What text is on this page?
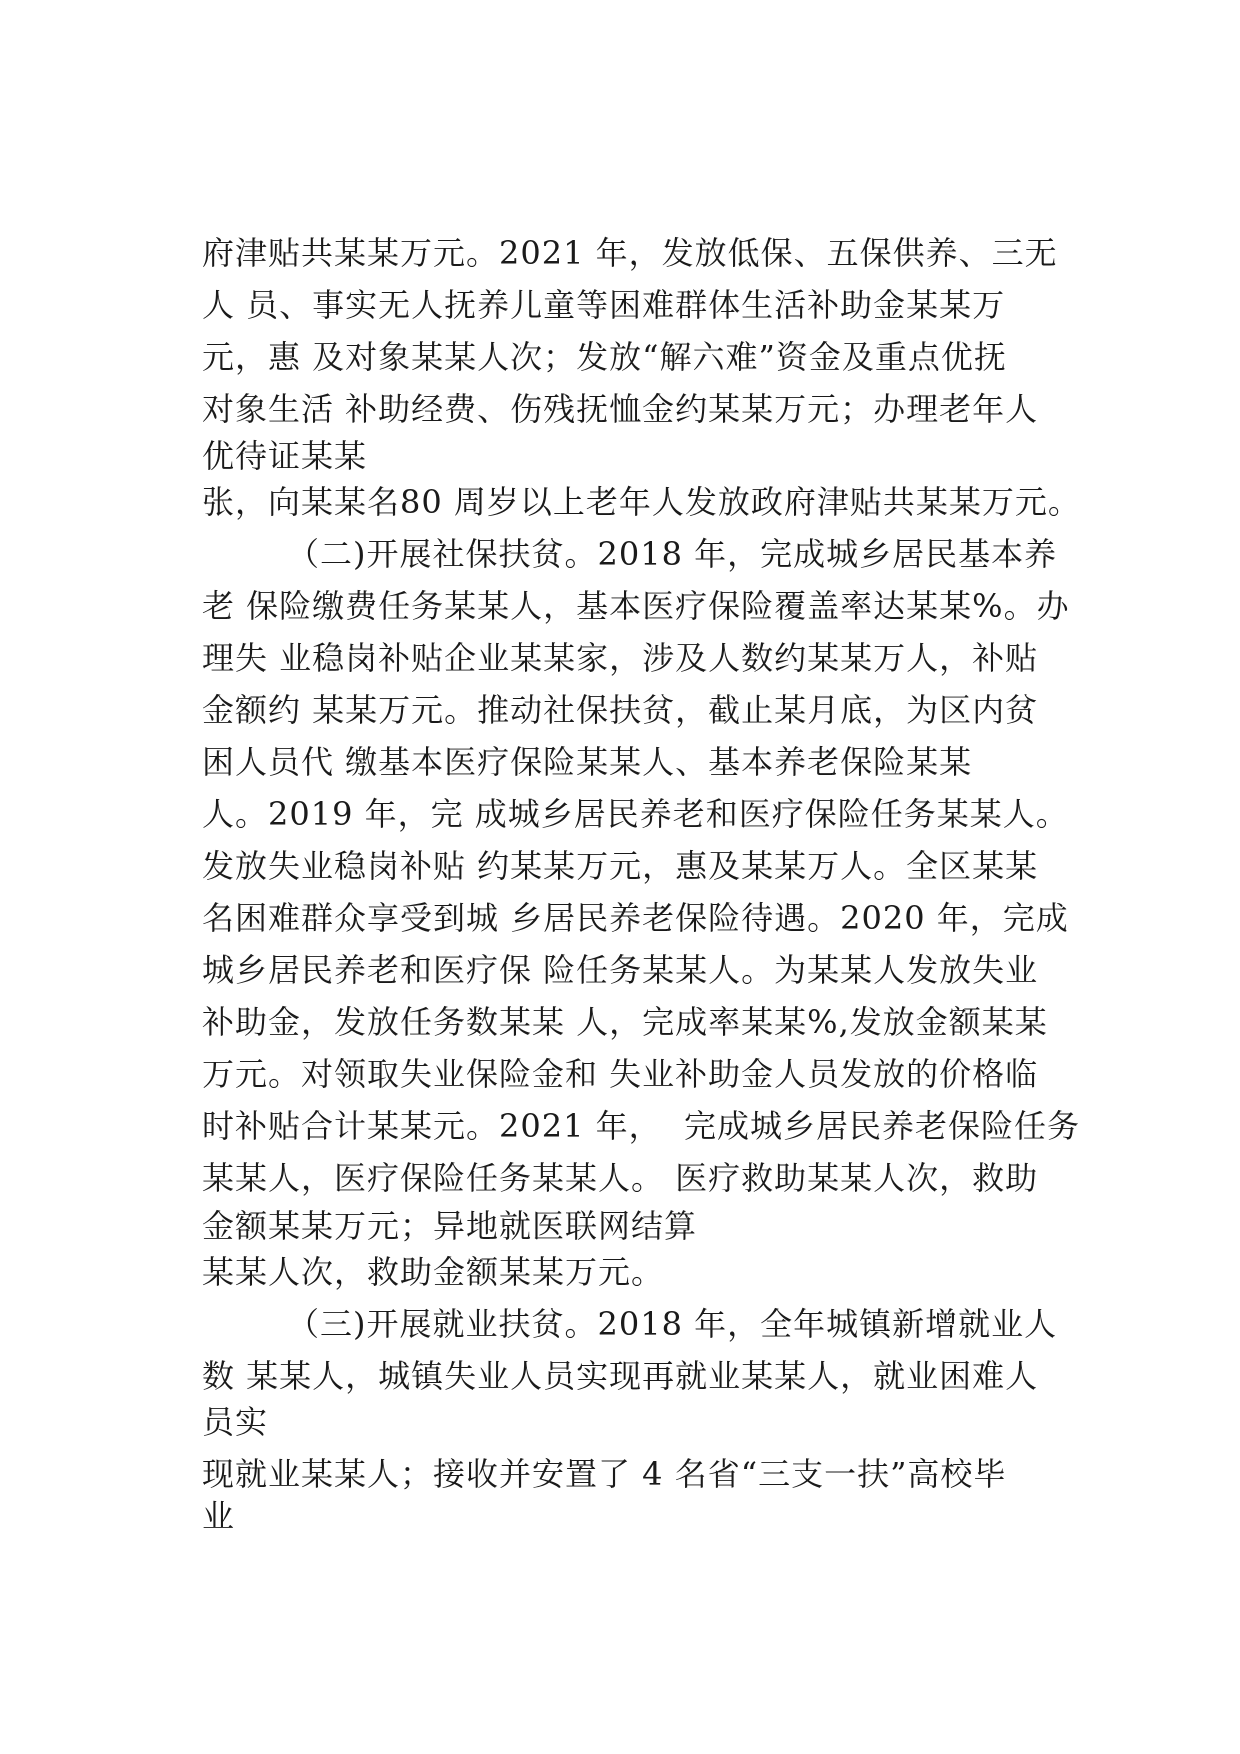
府津贴共某某万元。2021 年，发放低保、五保供养、三无

人 员、事实无人抚养儿童等困难群体生活补助金某某万

元，惠 及对象某某人次；发放“解六难”资金及重点优抚

对象生活 补助经费、伤残抚恤金约某某万元；办理老年人

优待证某某

张，向某某名80 周岁以上老年人发放政府津贴共某某万元。

（二)开展社保扶贫。2018 年，完成城乡居民基本养

老 保险缴费任务某某人，基本医疗保险覆盖率达某某%。办

理失 业稳岗补贴企业某某家，涉及人数约某某万人，补贴

金额约 某某万元。推动社保扶贫，截止某月底，为区内贫

困人员代 缴基本医疗保险某某人、基本养老保险某某

人。2019 年，完 成城乡居民养老和医疗保险任务某某人。

发放失业稳岗补贴 约某某万元，惠及某某万人。全区某某

名困难群众享受到城 乡居民养老保险待遇。2020 年，完成

城乡居民养老和医疗保 险任务某某人。为某某人发放失业

补助金，发放任务数某某 人，完成率某某%,发放金额某某

万元。对领取失业保险金和 失业补助金人员发放的价格临

时补贴合计某某元。2021 年，  完成城乡居民养老保险任务

某某人，医疗保险任务某某人。 医疗救助某某人次，救助

金额某某万元；异地就医联网结算

某某人次，救助金额某某万元。

（三)开展就业扶贫。2018 年，全年城镇新增就业人

数 某某人，城镇失业人员实现再就业某某人，就业困难人

员实

现就业某某人；接收并安置了 4 名省“三支一扶”高校毕

业
